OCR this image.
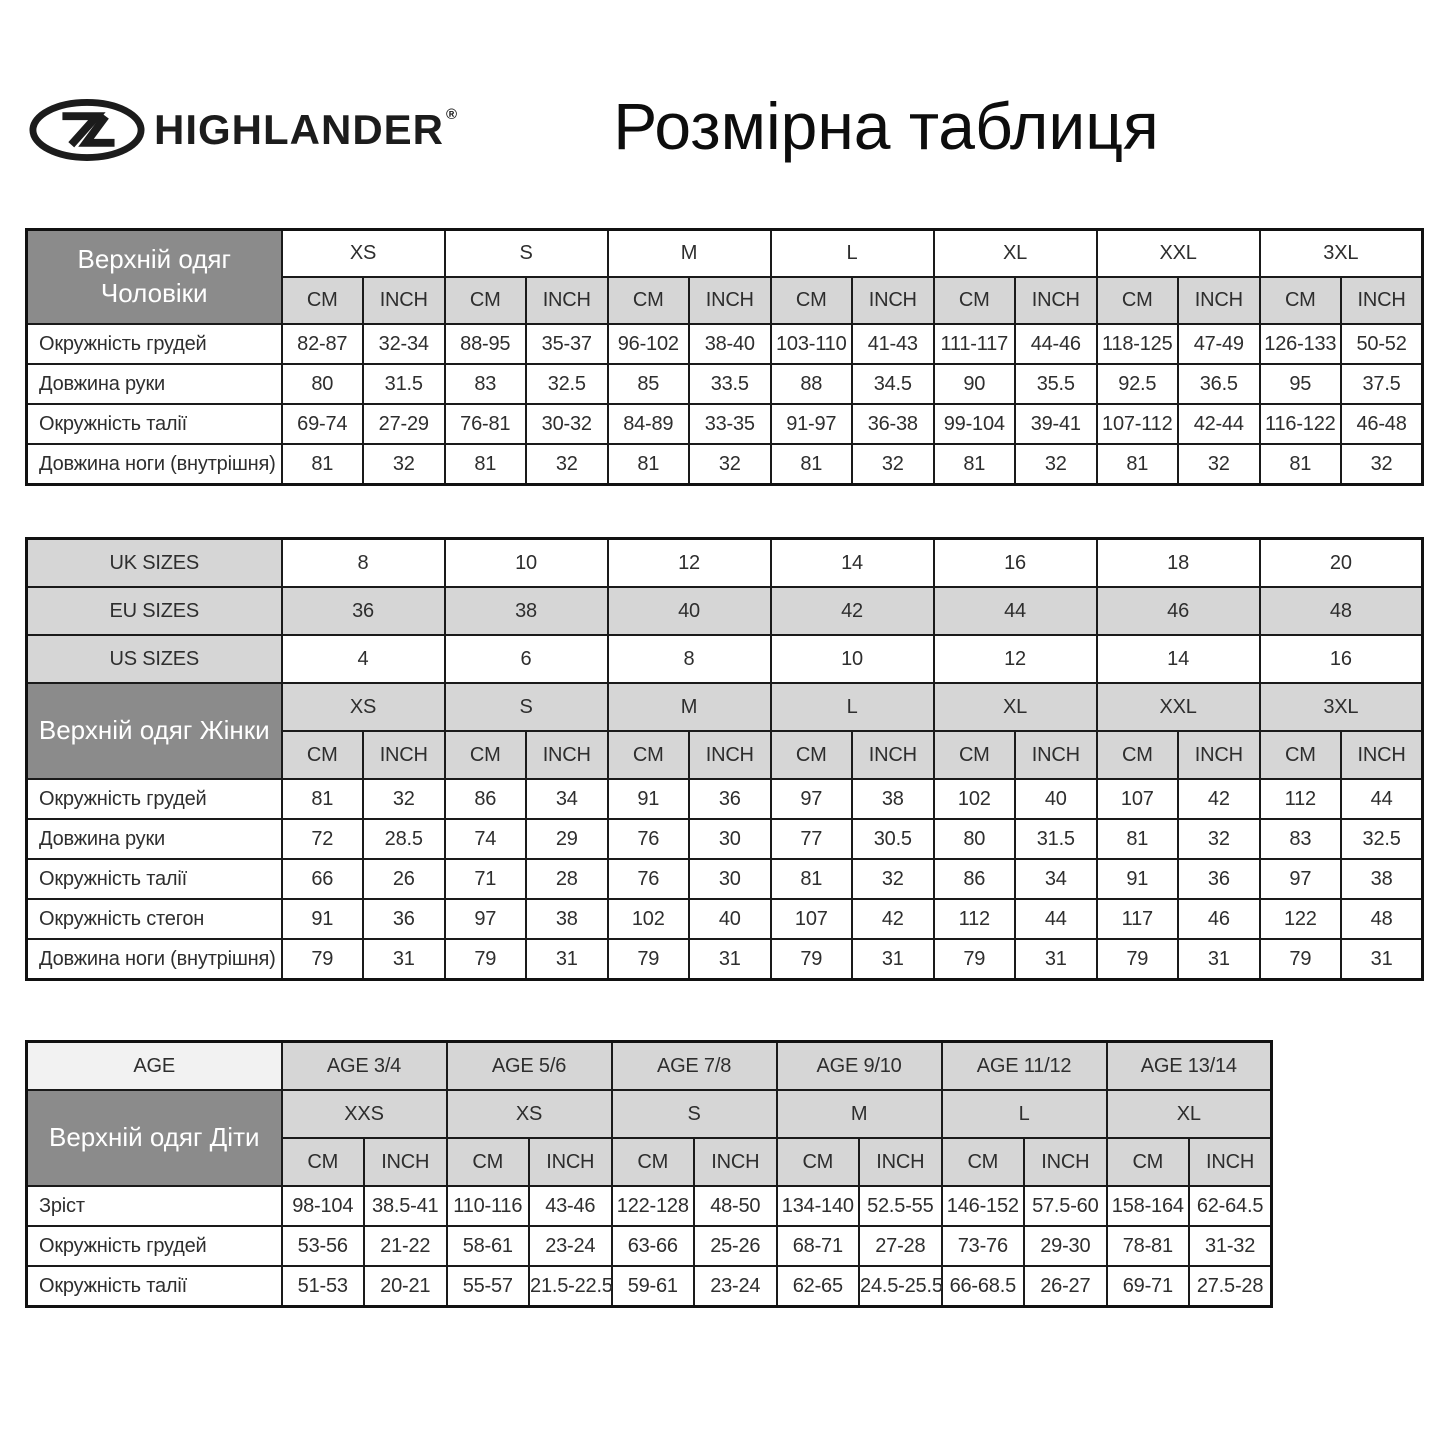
HIGHLANDER ® Розмірна таблиця
Верхній одяг Чоловіки	XS		S		M		L		XL		XXL		3XL	
	CM	INCH	CM	INCH	CM	INCH	CM	INCH	CM	INCH	CM	INCH	CM	INCH
Окружність грудей	82-87	32-34	88-95	35-37	96-102	38-40	103-110	41-43	111-117	44-46	118-125	47-49	126-133	50-52
Довжина руки	80	31.5	83	32.5	85	33.5	88	34.5	90	35.5	92.5	36.5	95	37.5
Окружність талії	69-74	27-29	76-81	30-32	84-89	33-35	91-97	36-38	99-104	39-41	107-112	42-44	116-122	46-48
Довжина ноги (внутрішня)	81	32	81	32	81	32	81	32	81	32	81	32	81	32
UK SIZES	8		10		12		14		16		18		20	
EU SIZES	36		38		40		42		44		46		48	
US SIZES	4		6		8		10		12		14		16	
Верхній одяг Жінки	XS		S		M		L		XL		XXL		3XL	
	CM	INCH	CM	INCH	CM	INCH	CM	INCH	CM	INCH	CM	INCH	CM	INCH
Окружність грудей	81	32	86	34	91	36	97	38	102	40	107	42	112	44
Довжина руки	72	28.5	74	29	76	30	77	30.5	80	31.5	81	32	83	32.5
Окружність талії	66	26	71	28	76	30	81	32	86	34	91	36	97	38
Окружність стегон	91	36	97	38	102	40	107	42	112	44	117	46	122	48
Довжина ноги (внутрішня)	79	31	79	31	79	31	79	31	79	31	79	31	79	31
AGE	AGE 3/4		AGE 5/6		AGE 7/8		AGE 9/10		AGE 11/12		AGE 13/14	
Верхній одяг Діти	XXS		XS		S		M		L		XL	
	CM	INCH	CM	INCH	CM	INCH	CM	INCH	CM	INCH	CM	INCH
Зріст	98-104	38.5-41	110-116	43-46	122-128	48-50	134-140	52.5-55	146-152	57.5-60	158-164	62-64.5
Окружність грудей	53-56	21-22	58-61	23-24	63-66	25-26	68-71	27-28	73-76	29-30	78-81	31-32
Окружність талії	51-53	20-21	55-57	21.5-22.5	59-61	23-24	62-65	24.5-25.5	66-68.5	26-27	69-71	27.5-28
